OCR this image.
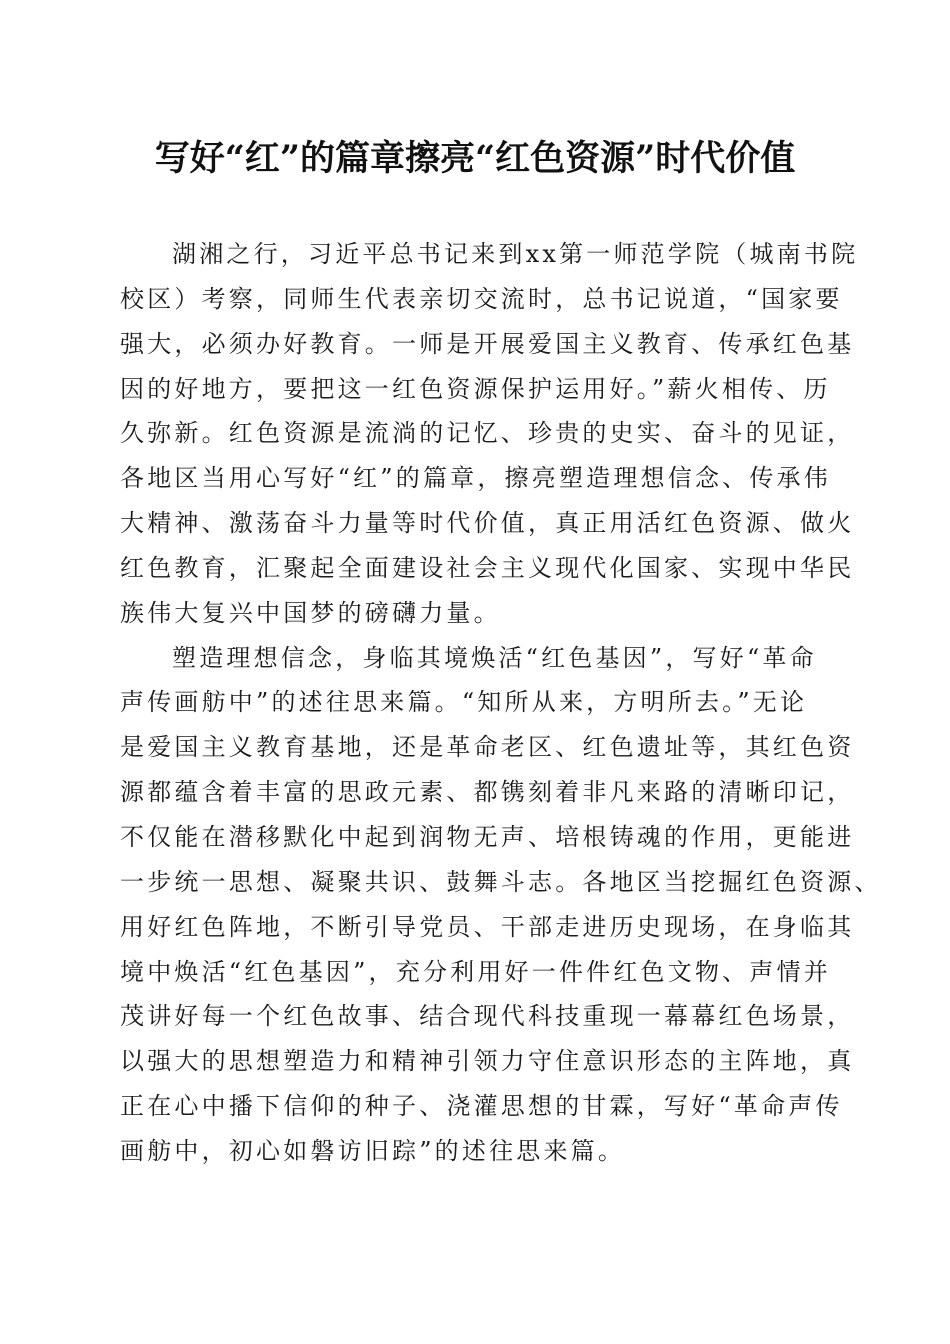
写好“红”的篇章擦亮“红色资源”时代价值

湖湘之行，习近平总书记来到xx第一师范学院（城南书院

校区）考察，同师生代表亲切交流时，总书记说道，“国家要

强大，必须办好教育。一师是开展爱国主义教育、传承红色基

因的好地方，要把这一红色资源保护运用好。”薪火相传、历

久弥新。红色资源是流淌的记忆、珍贵的史实、奋斗的见证，

各地区当用心写好“红”的篇章，擦亮塑造理想信念、传承伟

大精神、激荡奋斗力量等时代价值，真正用活红色资源、做火

红色教育，汇聚起全面建设社会主义现代化国家、实现中华民

族伟大复兴中国梦的磅礴力量。

塑造理想信念，身临其境焕活“红色基因”，写好“革命

声传画舫中”的述往思来篇。“知所从来，方明所去。”无论

是爱国主义教育基地，还是革命老区、红色遗址等，其红色资

源都蕴含着丰富的思政元素、都镌刻着非凡来路的清晰印记，

不仅能在潜移默化中起到润物无声、培根铸魂的作用，更能进

一步统一思想、凝聚共识、鼓舞斗志。各地区当挖掘红色资源、

用好红色阵地，不断引导党员、干部走进历史现场，在身临其

境中焕活“红色基因”，充分利用好一件件红色文物、声情并

茂讲好每一个红色故事、结合现代科技重现一幕幕红色场景，

以强大的思想塑造力和精神引领力守住意识形态的主阵地，真

正在心中播下信仰的种子、浇灌思想的甘霖，写好“革命声传

画舫中，初心如磐访旧踪”的述往思来篇。
